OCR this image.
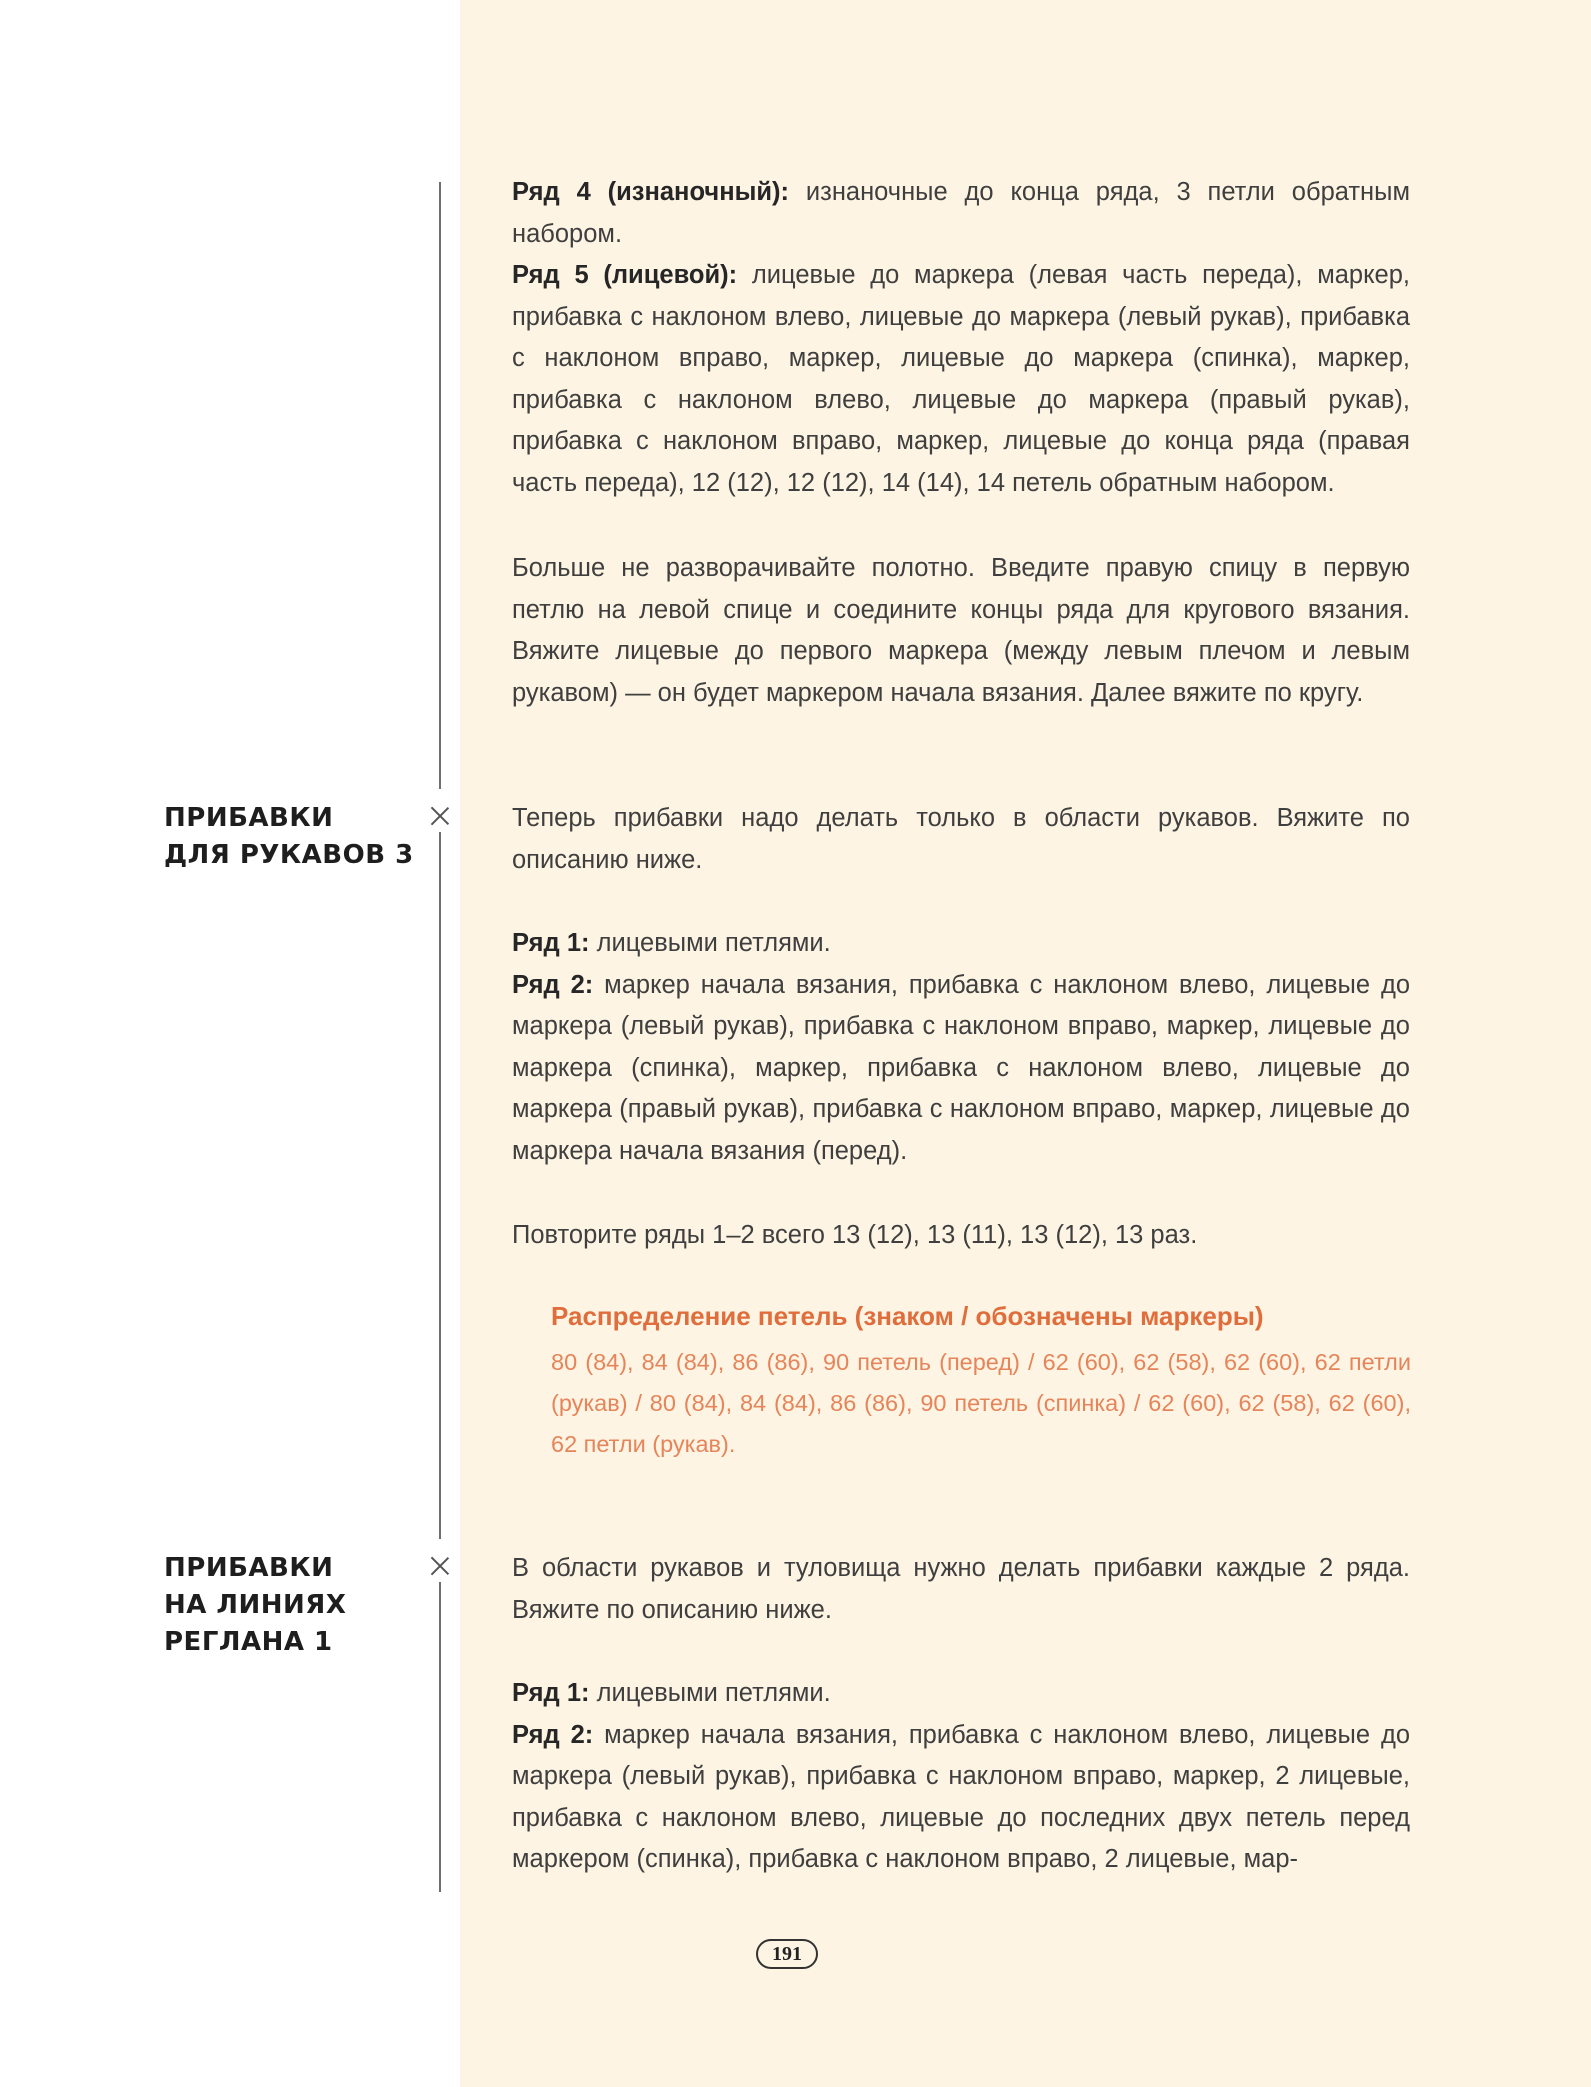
ПРИБАВКИ
ДЛЯ РУКАВОВ 3
ПРИБАВКИ
НА ЛИНИЯХ
РЕГЛАНА 1

Ряд 4 (изнаночный): изнаночные до конца ряда, 3 петли обратным набором.

Ряд 5 (лицевой): лицевые до маркера (левая часть переда), маркер, прибавка с наклоном влево, лицевые до маркера (левый рукав), прибавка с наклоном вправо, маркер, лицевые до маркера (спинка), маркер, прибавка с наклоном влево, лицевые до маркера (правый рукав), прибавка с наклоном вправо, маркер, лицевые до конца ряда (правая часть переда), 12 (12), 12 (12), 14 (14), 14 петель обратным набором.

Больше не разворачивайте полотно. Введите правую спицу в первую петлю на левой спице и соедините концы ряда для кругового вязания. Вяжите лицевые до первого маркера (между левым плечом и левым рукавом) — он будет маркером начала вязания. Далее вяжите по кругу.

Теперь прибавки надо делать только в области рукавов. Вяжите по описанию ниже.

Ряд 1: лицевыми петлями.

Ряд 2: маркер начала вязания, прибавка с наклоном влево, лицевые до маркера (левый рукав), прибавка с наклоном вправо, маркер, лицевые до маркера (спинка), маркер, прибавка с наклоном влево, лицевые до маркера (правый рукав), прибавка с наклоном вправо, маркер, лицевые до маркера начала вязания (перед).

Повторите ряды 1–2 всего 13 (12), 13 (11), 13 (12), 13 раз.

Распределение петель (знаком / обозначены маркеры)
80 (84), 84 (84), 86 (86), 90 петель (перед) / 62 (60), 62 (58), 62 (60), 62 петли (рукав) / 80 (84), 84 (84), 86 (86), 90 петель (спинка) / 62 (60), 62 (58), 62 (60), 62 петли (рукав).

В области рукавов и туловища нужно делать прибавки каждые 2 ряда. Вяжите по описанию ниже.

Ряд 1: лицевыми петлями.

Ряд 2: маркер начала вязания, прибавка с наклоном влево, лицевые до маркера (левый рукав), прибавка с наклоном вправо, маркер, 2 лицевые, прибавка с наклоном влево, лицевые до последних двух петель перед маркером (спинка), прибавка с наклоном вправо, 2 лицевые, мар-

191
